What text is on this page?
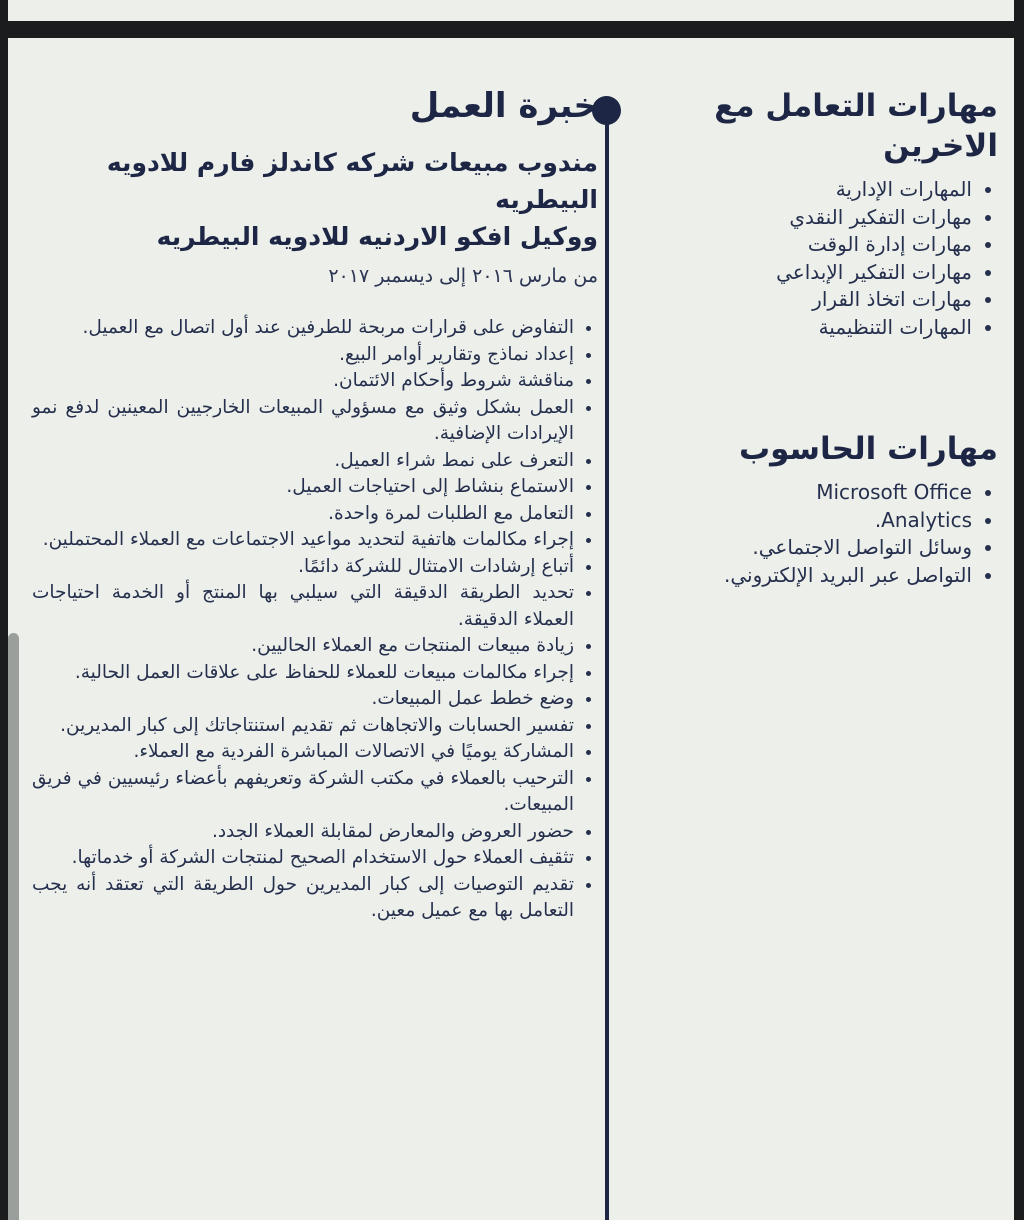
خبرة العمل
مندوب مبيعات شركه كاندلز فارم للادويه البيطريه
ووكيل افكو الاردنيه للادويه البيطريه
من مارس ٢٠١٦ إلى ديسمبر ٢٠١٧
• التفاوض على قرارات مربحة للطرفين عند أول اتصال مع العميل.
• إعداد نماذج وتقارير أوامر البيع.
• مناقشة شروط وأحكام الائتمان.
• العمل بشكل وثيق مع مسؤولي المبيعات الخارجيين المعينين لدفع نمو الإيرادات الإضافية.
• التعرف على نمط شراء العميل.
• الاستماع بنشاط إلى احتياجات العميل.
• التعامل مع الطلبات لمرة واحدة.
• إجراء مكالمات هاتفية لتحديد مواعيد الاجتماعات مع العملاء المحتملين.
• أتباع إرشادات الامتثال للشركة دائمًا.
• تحديد الطريقة الدقيقة التي سيلبي بها المنتج أو الخدمة احتياجات العملاء الدقيقة.
• زيادة مبيعات المنتجات مع العملاء الحاليين.
• إجراء مكالمات مبيعات للعملاء للحفاظ على علاقات العمل الحالية.
• وضع خطط عمل المبيعات.
• تفسير الحسابات والاتجاهات ثم تقديم استنتاجاتك إلى كبار المديرين.
• المشاركة يوميًا في الاتصالات المباشرة الفردية مع العملاء.
• الترحيب بالعملاء في مكتب الشركة وتعريفهم بأعضاء رئيسيين في فريق المبيعات.
• حضور العروض والمعارض لمقابلة العملاء الجدد.
• تثقيف العملاء حول الاستخدام الصحيح لمنتجات الشركة أو خدماتها.
• تقديم التوصيات إلى كبار المديرين حول الطريقة التي تعتقد أنه يجب التعامل بها مع عميل معين.
مهارات التعامل مع الاخرين
• المهارات الإدارية
• مهارات التفكير النقدي
• مهارات إدارة الوقت
• مهارات التفكير الإبداعي
• مهارات اتخاذ القرار
• المهارات التنظيمية
مهارات الحاسوب
• Microsoft Office
• Analytics.
• وسائل التواصل الاجتماعي.
• التواصل عبر البريد الإلكتروني.
